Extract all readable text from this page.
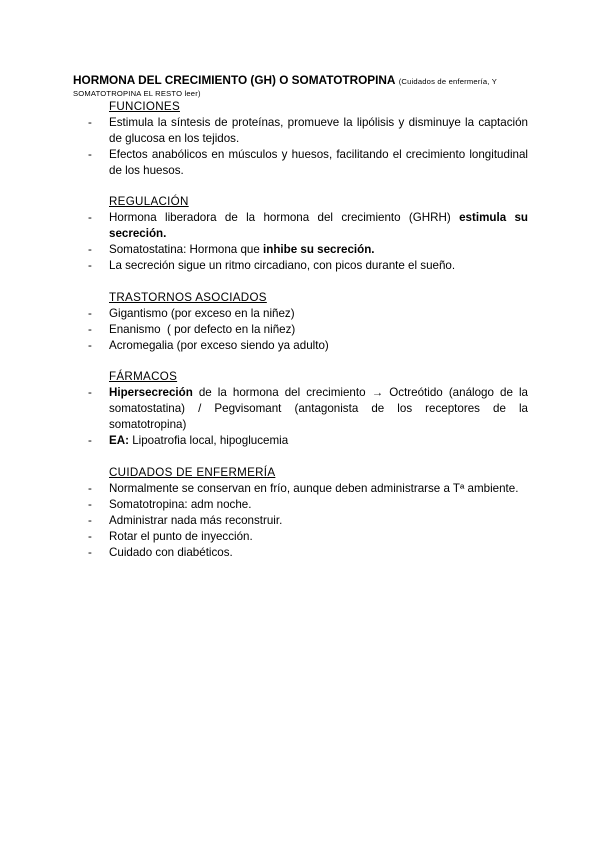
HORMONA DEL CRECIMIENTO (GH) O SOMATOTROPINA (Cuidados de enfermería, Y
SOMATOTROPINA EL RESTO leer)
FUNCIONES
-	Estimula la síntesis de proteínas, promueve la lipólisis y disminuye la captación de glucosa en los tejidos.
-	Efectos anabólicos en músculos y huesos, facilitando el crecimiento longitudinal de los huesos.
REGULACIÓN
-	Hormona liberadora de la hormona del crecimiento (GHRH) estimula su secreción.
-	Somatostatina: Hormona que inhibe su secreción.
-	La secreción sigue un ritmo circadiano, con picos durante el sueño.
TRASTORNOS ASOCIADOS
-	Gigantismo (por exceso en la niñez)
-	Enanismo  ( por defecto en la niñez)
-	Acromegalia (por exceso siendo ya adulto)
FÁRMACOS
-	Hipersecreción de la hormona del crecimiento → Octreótido (análogo de la somatostatina) / Pegvisomant (antagonista de los receptores de la somatotropina)
-	EA: Lipoatrofia local, hipoglucemia
CUIDADOS DE ENFERMERÍA
-	Normalmente se conservan en frío, aunque deben administrarse a Tª ambiente.
-	Somatotropina: adm noche.
-	Administrar nada más reconstruir.
-	Rotar el punto de inyección.
-	Cuidado con diabéticos.
